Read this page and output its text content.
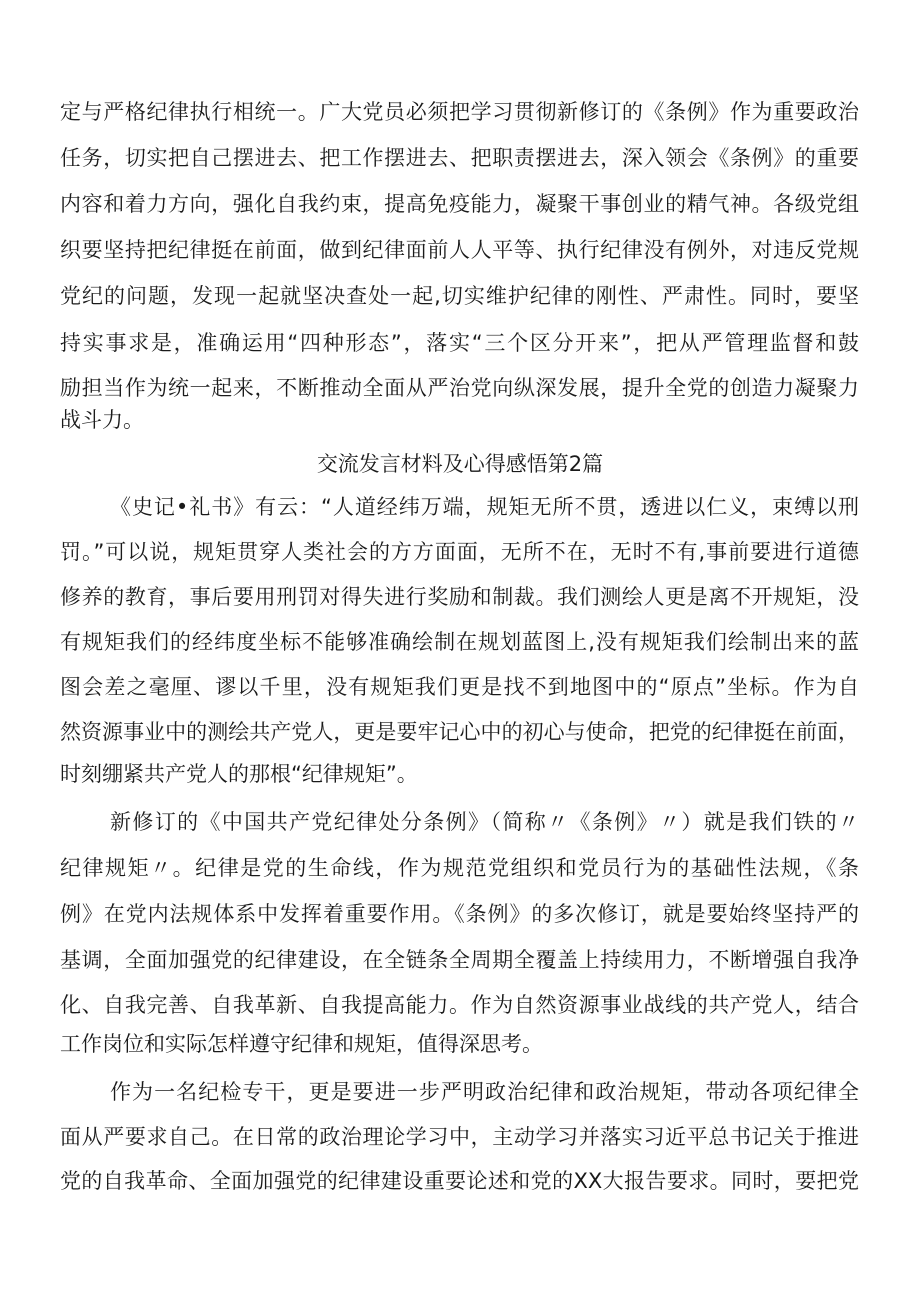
定与严格纪律执行相统一。广大党员必须把学习贯彻新修订的《条例》作为重要政治
任务，切实把自己摆进去、把工作摆进去、把职责摆进去，深入领会《条例》的重要
内容和着力方向，强化自我约束，提高免疫能力，凝聚干事创业的精气神。各级党组
织要坚持把纪律挺在前面，做到纪律面前人人平等、执行纪律没有例外，对违反党规
党纪的问题，发现一起就坚决查处一起,切实维护纪律的刚性、严肃性。同时，要坚
持实事求是，准确运用“四种形态”，落实“三个区分开来”，把从严管理监督和鼓
励担当作为统一起来，不断推动全面从严治党向纵深发展，提升全党的创造力凝聚力
战斗力。
交流发言材料及心得感悟第2篇
《史记•礼书》有云：“人道经纬万端，规矩无所不贯，透进以仁义，束缚以刑
罚。”可以说，规矩贯穿人类社会的方方面面，无所不在，无时不有,事前要进行道德
修养的教育，事后要用刑罚对得失进行奖励和制裁。我们测绘人更是离不开规矩，没
有规矩我们的经纬度坐标不能够准确绘制在规划蓝图上,没有规矩我们绘制出来的蓝
图会差之毫厘、谬以千里，没有规矩我们更是找不到地图中的“原点”坐标。作为自
然资源事业中的测绘共产党人，更是要牢记心中的初心与使命，把党的纪律挺在前面，
时刻绷紧共产党人的那根“纪律规矩”。
新修订的《中国共产党纪律处分条例》（简称〃《条例》〃）就是我们铁的〃
纪律规矩〃。纪律是党的生命线，作为规范党组织和党员行为的基础性法规，《条
例》在党内法规体系中发挥着重要作用。《条例》的多次修订，就是要始终坚持严的
基调，全面加强党的纪律建设，在全链条全周期全覆盖上持续用力，不断增强自我净
化、自我完善、自我革新、自我提高能力。作为自然资源事业战线的共产党人，结合
工作岗位和实际怎样遵守纪律和规矩，值得深思考。
作为一名纪检专干，更是要进一步严明政治纪律和政治规矩，带动各项纪律全
面从严要求自己。在日常的政治理论学习中，主动学习并落实习近平总书记关于推进
党的自我革命、全面加强党的纪律建设重要论述和党的XX大报告要求。同时，要把党
